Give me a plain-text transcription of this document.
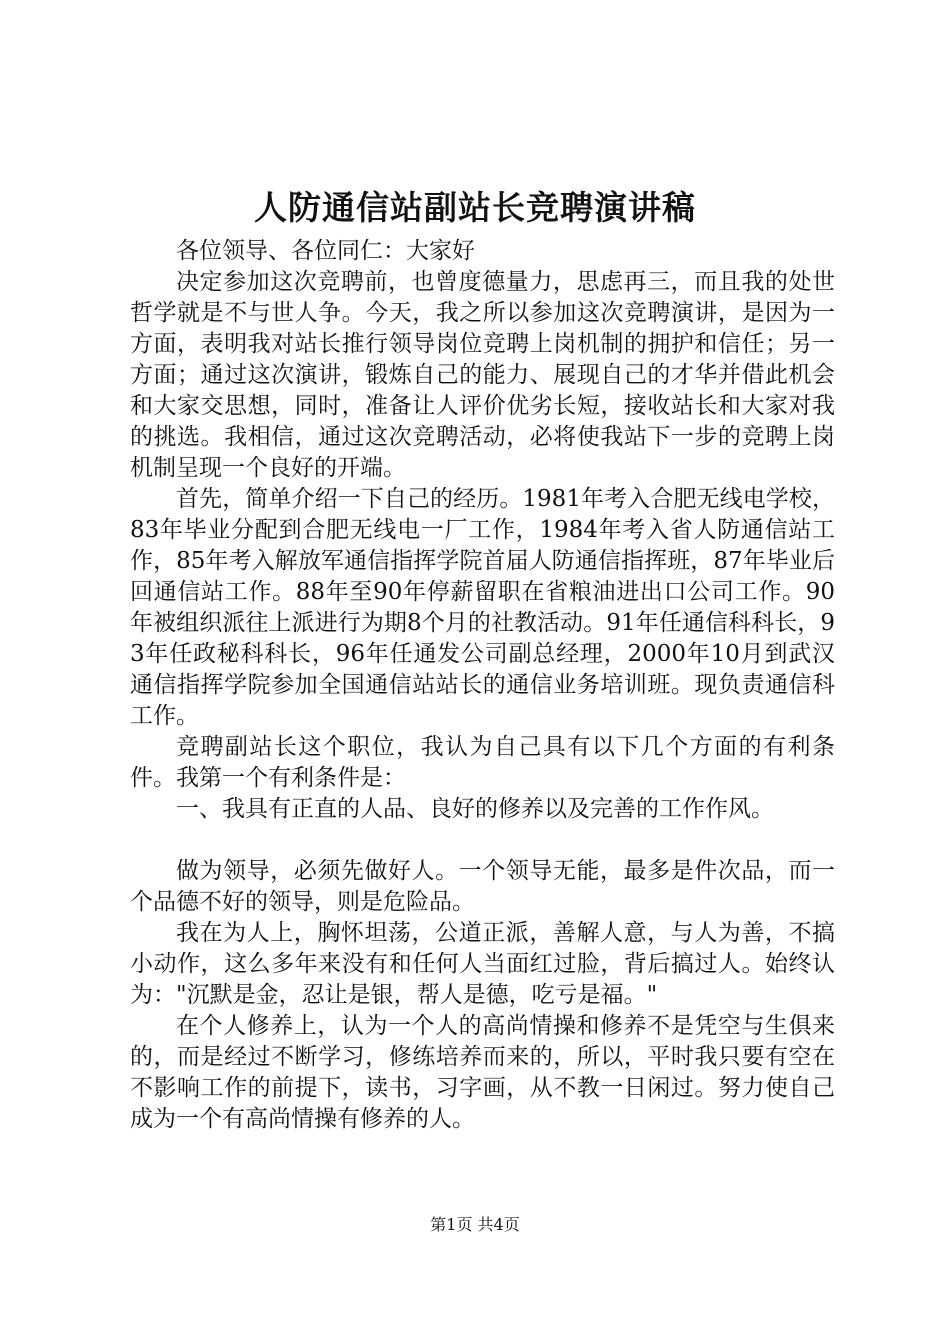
人防通信站副站长竞聘演讲稿

各位领导、各位同仁：大家好

决定参加这次竞聘前，也曾度德量力，思虑再三，而且我的处世哲学就是不与世人争。今天，我之所以参加这次竞聘演讲，是因为一方面，表明我对站长推行领导岗位竞聘上岗机制的拥护和信任；另一方面；通过这次演讲，锻炼自己的能力、展现自己的才华并借此机会和大家交思想，同时，准备让人评价优劣长短，接收站长和大家对我的挑选。我相信，通过这次竞聘活动，必将使我站下一步的竞聘上岗机制呈现一个良好的开端。

首先，简单介绍一下自己的经历。1981年考入合肥无线电学校，83年毕业分配到合肥无线电一厂工作，1984年考入省人防通信站工作，85年考入解放军通信指挥学院首届人防通信指挥班，87年毕业后回通信站工作。88年至90年停薪留职在省粮油进出口公司工作。90年被组织派往上派进行为期8个月的社教活动。91年任通信科科长，93年任政秘科科长，96年任通发公司副总经理，2000年10月到武汉通信指挥学院参加全国通信站站长的通信业务培训班。现负责通信科工作。

竞聘副站长这个职位，我认为自己具有以下几个方面的有利条件。我第一个有利条件是：

一、我具有正直的人品、良好的修养以及完善的工作作风。

做为领导，必须先做好人。一个领导无能，最多是件次品，而一个品德不好的领导，则是危险品。

我在为人上，胸怀坦荡，公道正派，善解人意，与人为善，不搞小动作，这么多年来没有和任何人当面红过脸，背后搞过人。始终认为："沉默是金，忍让是银，帮人是德，吃亏是福。"

在个人修养上，认为一个人的高尚情操和修养不是凭空与生俱来的，而是经过不断学习，修练培养而来的，所以，平时我只要有空在不影响工作的前提下，读书，习字画，从不教一日闲过。努力使自己成为一个有高尚情操有修养的人。

第1页 共4页
